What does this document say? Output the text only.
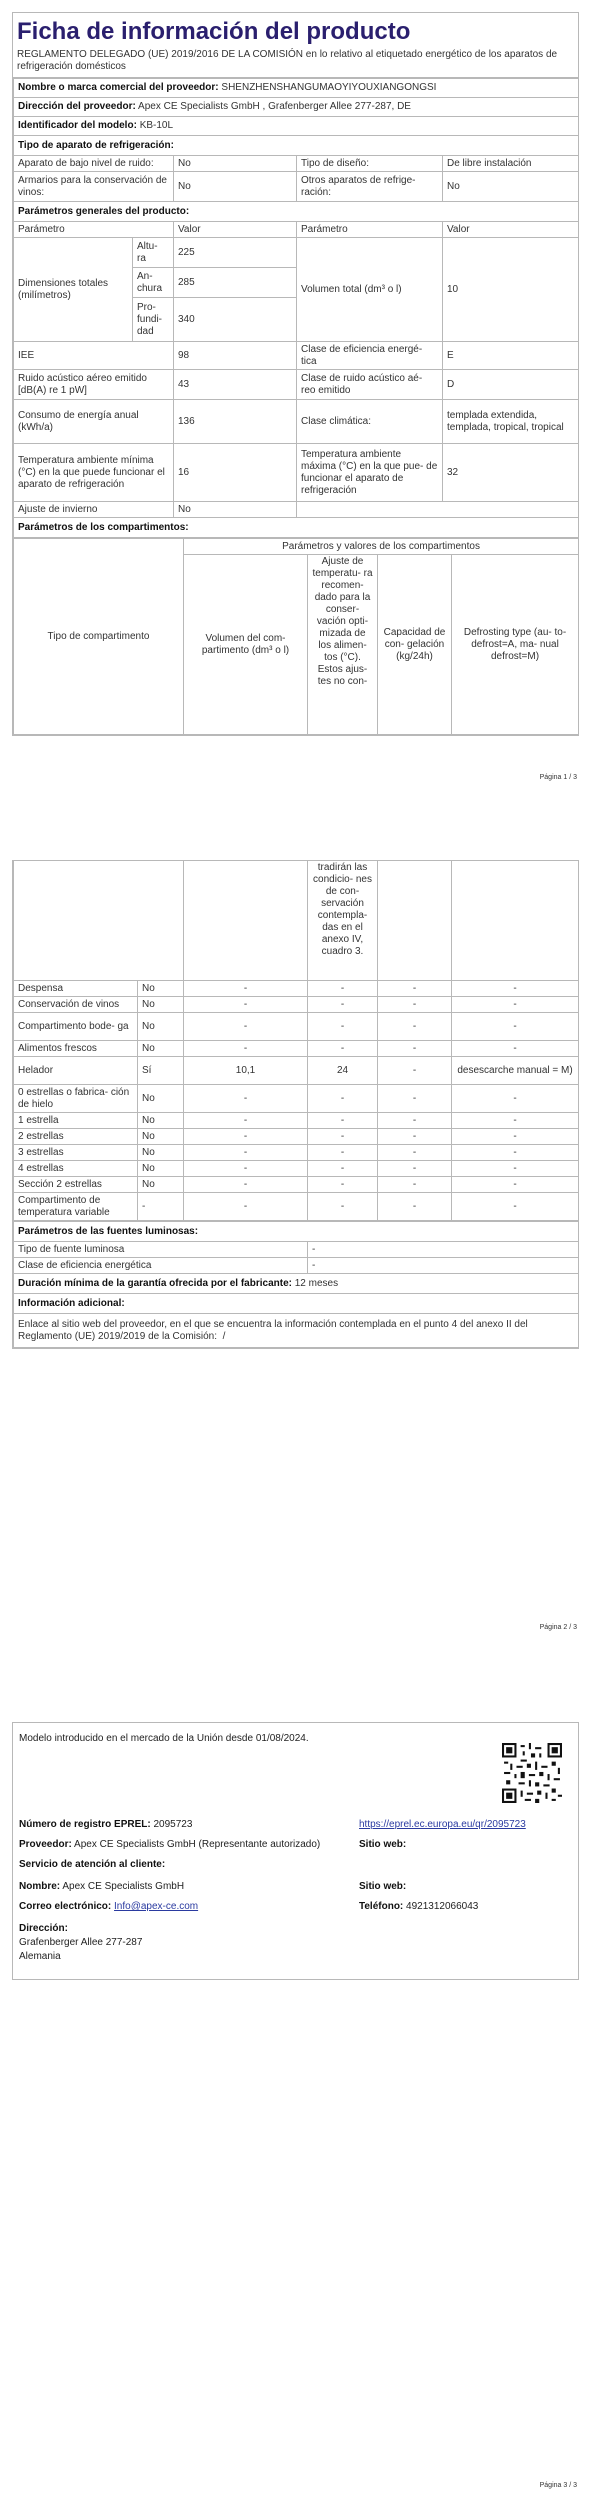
Ficha de información del producto
REGLAMENTO DELEGADO (UE) 2019/2016 DE LA COMISIÓN en lo relativo al etiquetado energético de los aparatos de refrigeración domésticos
Nombre o marca comercial del proveedor: SHENZHENSHANGUMAOYIYOUXIANGONGSI				
Dirección del proveedor: Apex CE Specialists GmbH , Grafenberger Allee 277-287, DE				
Identificador del modelo: KB-10L				
Tipo de aparato de refrigeración:				
Aparato de bajo nivel de ruido:		No	Tipo de diseño:	De libre instalación
Armarios para la conservación de vinos:		No	Otros aparatos de refrige- ración:	No
Parámetros generales del producto:				
Parámetro		Valor	Parámetro	Valor
Dimensiones totales (milímetros)	Altu- ra	225	Volumen total (dm³ o l)	10
	An- chura	285		
	Pro- fundi- dad	340		
IEE		98	Clase de eficiencia energé- tica	E
Ruido acústico aéreo emitido [dB(A) re 1 pW]		43	Clase de ruido acústico aé- reo emitido	D
Consumo de energía anual (kWh/a)		136	Clase climática:	templada extendida, templada, tropical, tropical
Temperatura ambiente mínima (°C) en la que puede funcionar el aparato de refrigeración		16	Temperatura ambiente máxima (°C) en la que pue- de funcionar el aparato de refrigeración	32
Ajuste de invierno		No		
Parámetros de los compartimentos:				
Tipo de compartimento	Parámetros y valores de los compartimentos			
	Volumen del com- partimento (dm³ o l)	Ajuste de temperatu- ra recomen- dado para la conser- vación opti- mizada de los alimen- tos (°C). Estos ajus- tes no con-	Capacidad de con- gelación (kg/24h)	Defrosting type (au- to-defrost=A, ma- nual defrost=M)
Página 1 / 3
			tradirán las condicio- nes de con- servación contempla- das en el anexo IV, cuadro 3.		
Despensa	No	-	-	-	-
Conservación de vinos	No	-	-	-	-
Compartimento bode- ga	No	-	-	-	-
Alimentos frescos	No	-	-	-	-
Helador	Sí	10,1	24	-	desescarche manual = M)
0 estrellas o fabrica- ción de hielo	No	-	-	-	-
1 estrella	No	-	-	-	-
2 estrellas	No	-	-	-	-
3 estrellas	No	-	-	-	-
4 estrellas	No	-	-	-	-
Sección 2 estrellas	No	-	-	-	-
Compartimento de temperatura variable	-	-	-	-	-
Parámetros de las fuentes luminosas:	
Tipo de fuente luminosa	-
Clase de eficiencia energética	-
Duración mínima de la garantía ofrecida por el fabricante: 12 meses	
Información adicional:	
Enlace al sitio web del proveedor, en el que se encuentra la información contemplada en el punto 4 del anexo II del Reglamento (UE) 2019/2019 de la Comisión: /	
Página 2 / 3
Modelo introducido en el mercado de la Unión desde 01/08/2024.
Número de registro EPREL: 2095723	https://eprel.ec.europa.eu/qr/2095723
Proveedor: Apex CE Specialists GmbH (Representante autorizado)	Sitio web:
Servicio de atención al cliente:
Nombre: Apex CE Specialists GmbH	Sitio web:
Correo electrónico: Info@apex-ce.com	Teléfono: 4921312066043
Dirección:
Grafenberger Allee 277-287
Alemania
Página 3 / 3
